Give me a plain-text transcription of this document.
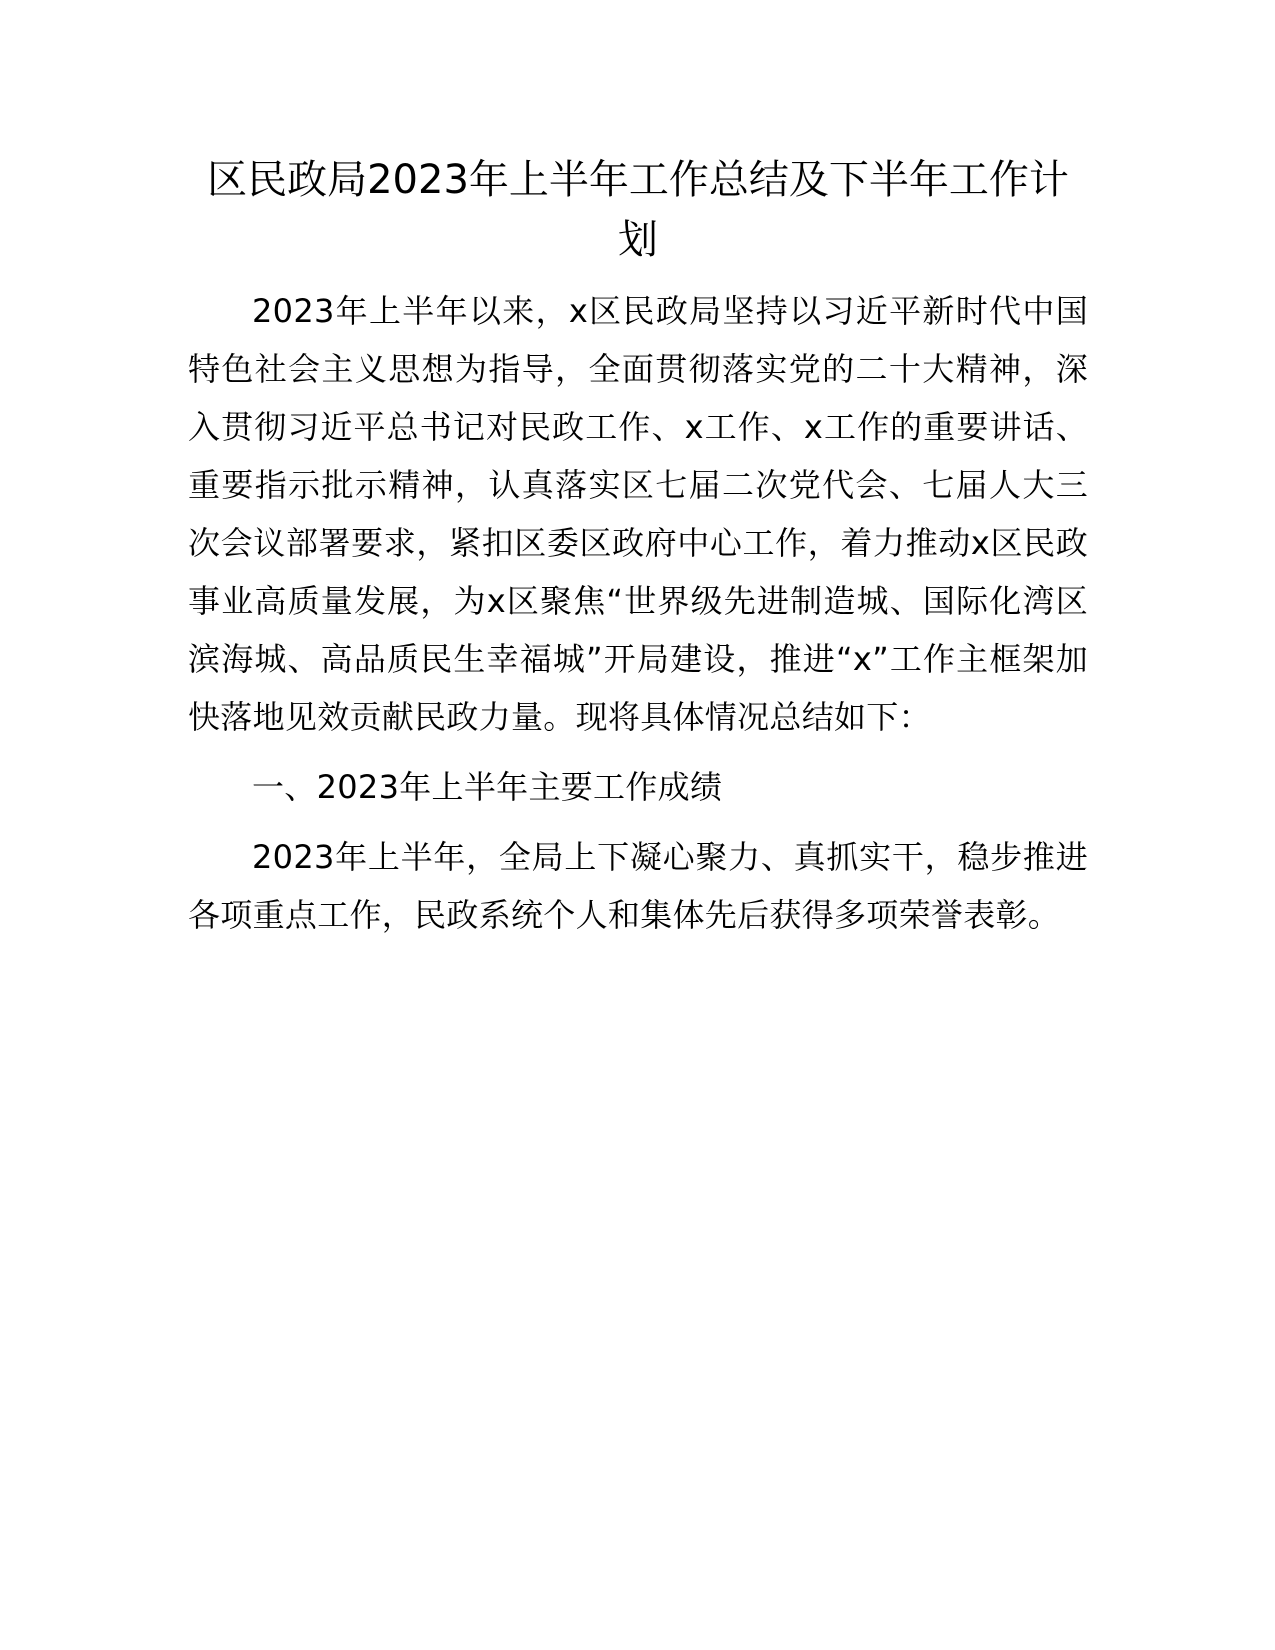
区民政局2023年上半年工作总结及下半年工作计划

2023年上半年以来，x区民政局坚持以习近平新时代中国特色社会主义思想为指导，全面贯彻落实党的二十大精神，深入贯彻习近平总书记对民政工作、x工作、x工作的重要讲话、重要指示批示精神，认真落实区七届二次党代会、七届人大三次会议部署要求，紧扣区委区政府中心工作，着力推动x区民政事业高质量发展，为x区聚焦“世界级先进制造城、国际化湾区滨海城、高品质民生幸福城”开局建设，推进“x”工作主框架加快落地见效贡献民政力量。现将具体情况总结如下：

一、2023年上半年主要工作成绩

2023年上半年，全局上下凝心聚力、真抓实干，稳步推进各项重点工作，民政系统个人和集体先后获得多项荣誉表彰。
